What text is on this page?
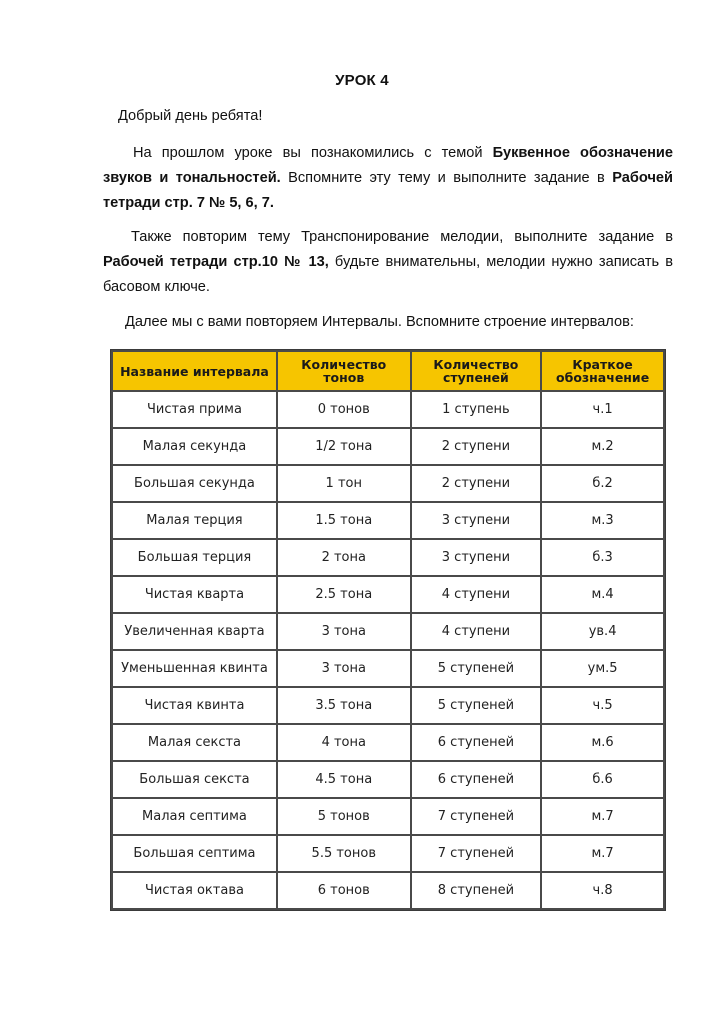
УРОК 4
Добрый день ребята!
На прошлом уроке вы познакомились с темой Буквенное обозначение звуков и тональностей. Вспомните эту тему и выполните задание в Рабочей тетради стр. 7 № 5, 6, 7.
Также повторим тему Транспонирование мелодии, выполните задание в Рабочей тетради стр.10 № 13, будьте внимательны, мелодии нужно записать в басовом ключе.
Далее мы с вами повторяем Интервалы. Вспомните строение интервалов:
Название интервала	Количество тонов	Количество ступеней	Краткое обозначение
Чистая прима	0 тонов	1 ступень	ч.1
Малая секунда	1/2 тона	2 ступени	м.2
Большая секунда	1 тон	2 ступени	б.2
Малая терция	1.5 тона	3 ступени	м.3
Большая терция	2 тона	3 ступени	б.3
Чистая кварта	2.5 тона	4 ступени	м.4
Увеличенная кварта	3 тона	4 ступени	ув.4
Уменьшенная квинта	3 тона	5 ступеней	ум.5
Чистая квинта	3.5 тона	5 ступеней	ч.5
Малая секста	4 тона	6 ступеней	м.6
Большая секста	4.5 тона	6 ступеней	б.6
Малая септима	5 тонов	7 ступеней	м.7
Большая септима	5.5 тонов	7 ступеней	м.7
Чистая октава	6 тонов	8 ступеней	ч.8
